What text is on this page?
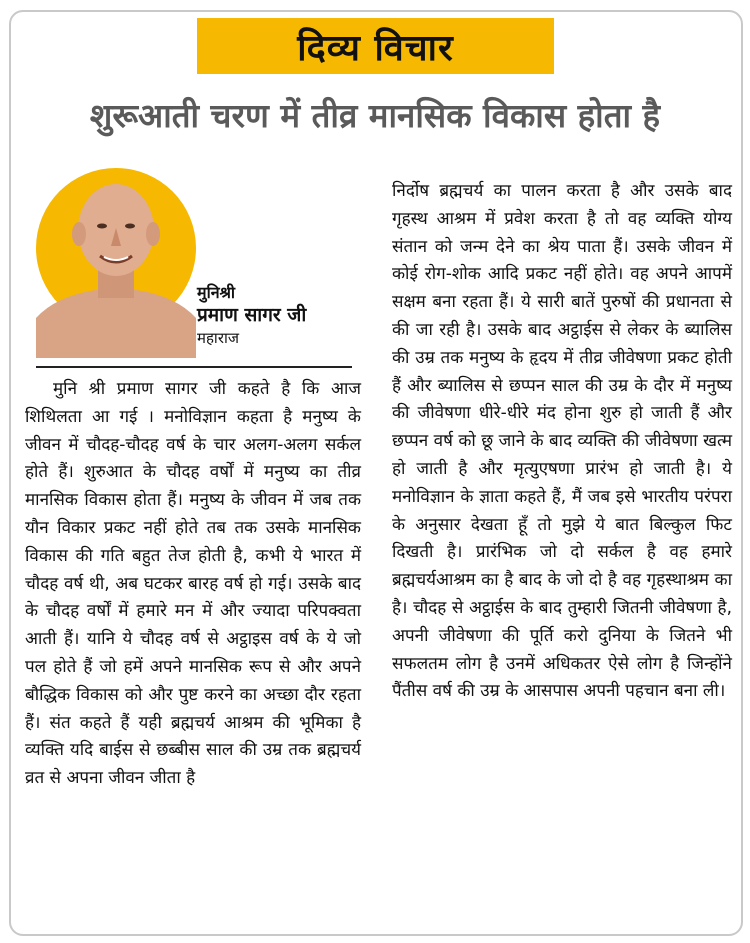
दिव्य विचार
शुरूआती चरण में तीव्र मानसिक विकास होता है
मुनिश्री
प्रमाण सागर जी
महाराज

मुनि श्री प्रमाण सागर जी कहते है कि आज शिथिलता आ गई । मनोविज्ञान कहता है मनुष्य के जीवन में चौदह-चौदह वर्ष के चार अलग-अलग सर्कल होते हैं। शुरुआत के चौदह वर्षों में मनुष्य का तीव्र मानसिक विकास होता हैं। मनुष्य के जीवन में जब तक यौन विकार प्रकट नहीं होते तब तक उसके मानसिक विकास की गति बहुत तेज होती है, कभी ये भारत में चौदह वर्ष थी, अब घटकर बारह वर्ष हो गई। उसके बाद के चौदह वर्षों में हमारे मन में और ज्यादा परिपक्वता आती हैं। यानि ये चौदह वर्ष से अट्ठाइस वर्ष के ये जो पल होते हैं जो हमें अपने मानसिक रूप से और अपने बौद्धिक विकास को और पुष्ट करने का अच्छा दौर रहता हैं। संत कहते हैं यही ब्रह्मचर्य आश्रम की भूमिका है व्यक्ति यदि बाईस से छब्बीस साल की उम्र तक ब्रह्मचर्य व्रत से अपना जीवन जीता है

निर्दोष ब्रह्मचर्य का पालन करता है और उसके बाद गृहस्थ आश्रम में प्रवेश करता है तो वह व्यक्ति योग्य संतान को जन्म देने का श्रेय पाता हैं। उसके जीवन में कोई रोग-शोक आदि प्रकट नहीं होते। वह अपने आपमें सक्षम बना रहता हैं। ये सारी बातें पुरुषों की प्रधानता से की जा रही है। उसके बाद अट्ठाईस से लेकर के ब्यालिस की उम्र तक मनुष्य के हृदय में तीव्र जीवेषणा प्रकट होती हैं और ब्यालिस से छप्पन साल की उम्र के दौर में मनुष्य की जीवेषणा धीरे-धीरे मंद होना शुरु हो जाती हैं और छप्पन वर्ष को छू जाने के बाद व्यक्ति की जीवेषणा खत्म हो जाती है और मृत्युएषणा प्रारंभ हो जाती है। ये मनोविज्ञान के ज्ञाता कहते हैं, मैं जब इसे भारतीय परंपरा के अनुसार देखता हूँ तो मुझे ये बात बिल्कुल फिट दिखती है। प्रारंभिक जो दो सर्कल है वह हमारे ब्रह्मचर्यआश्रम का है बाद के जो दो है वह गृहस्थाश्रम का है। चौदह से अट्ठाईस के बाद तुम्हारी जितनी जीवेषणा है, अपनी जीवेषणा की पूर्ति करो दुनिया के जितने भी सफलतम लोग है उनमें अधिकतर ऐसे लोग है जिन्होंने पैंतीस वर्ष की उम्र के आसपास अपनी पहचान बना ली।
